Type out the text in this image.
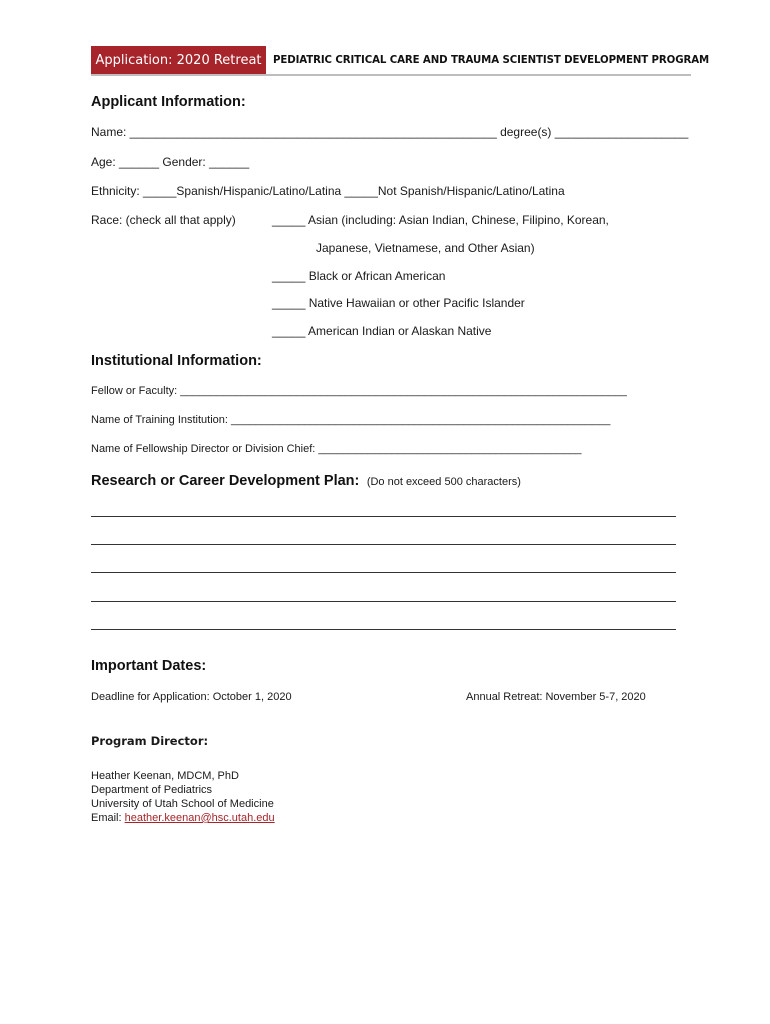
Application: 2020 Retreat	PEDIATRIC CRITICAL CARE AND TRAUMA SCIENTIST DEVELOPMENT PROGRAM
Applicant Information:
Name: _______________________________________________________ degree(s) ____________________
Age: ______ Gender: ______
Ethnicity: _____Spanish/Hispanic/Latino/Latina _____Not Spanish/Hispanic/Latino/Latina
Race: (check all that apply)	_____ Asian (including: Asian Indian, Chinese, Filipino, Korean,
Japanese, Vietnamese, and Other Asian)
_____ Black or African American
_____ Native Hawaiian or other Pacific Islander
_____ American Indian or Alaskan Native
Institutional Information:
Fellow or Faculty: _________________________________________________________________________
Name of Training Institution: ______________________________________________________________
Name of Fellowship Director or Division Chief: ___________________________________________
Research or Career Development Plan: (Do not exceed 500 characters)
Important Dates:
Deadline for Application: October 1, 2020	Annual Retreat: November 5-7, 2020
Program Director:
Heather Keenan, MDCM, PhD
Department of Pediatrics
University of Utah School of Medicine
Email: heather.keenan@hsc.utah.edu
